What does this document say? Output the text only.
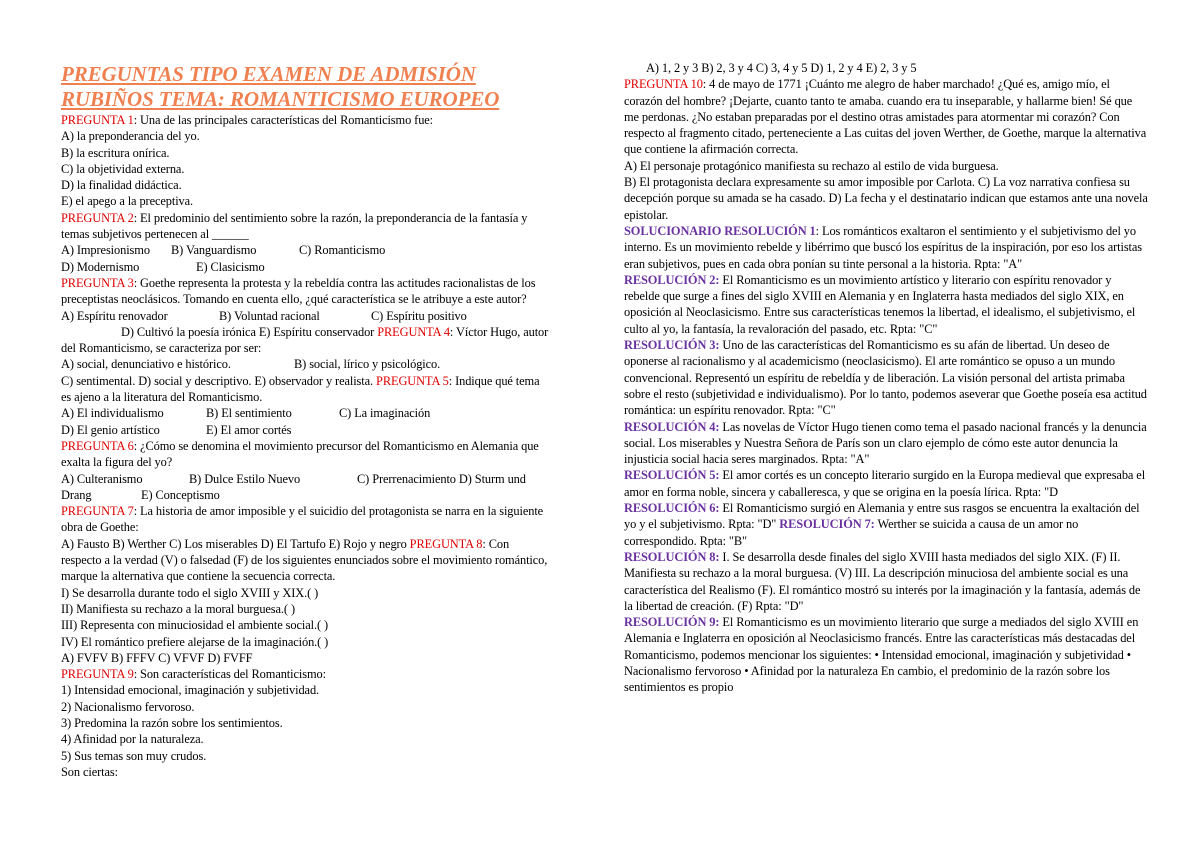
PREGUNTAS TIPO EXAMEN DE ADMISIÓN
RUBIÑOS TEMA: ROMANTICISMO EUROPEO

PREGUNTA 1: Una de las principales características del Romanticismo fue:

A) la preponderancia del yo.
B) la escritura onírica.
C) la objetividad externa.
D) la finalidad didáctica.
E) el apego a la preceptiva.

PREGUNTA 2: El predominio del sentimiento sobre la razón, la preponderancia de la fantasía y temas subjetivos pertenecen al ______

A) Impresionismo B) Vanguardismo	C) Romanticismo
D) Modernismo	E) Clasicismo

PREGUNTA 3: Goethe representa la protesta y la rebeldía contra las actitudes racionalistas de los preceptistas neoclásicos. Tomando en cuenta ello, ¿qué característica se le atribuye a este autor?

A) Espíritu renovador	B) Voluntad racional	C) Espíritu positivo

D) Cultivó la poesía irónica E) Espíritu conservador PREGUNTA 4: Víctor Hugo, autor del Romanticismo, se caracteriza por ser:

A) social, denunciativo e histórico.	B) social, lírico y psicológico.

C) sentimental. D) social y descriptivo. E) observador y realista. PREGUNTA 5: Indique qué tema es ajeno a la literatura del Romanticismo.

A) El individualismo	B) El sentimiento	C) La imaginación
D) El genio artístico	E) El amor cortés

PREGUNTA 6: ¿Cómo se denomina el movimiento precursor del Romanticismo en Alemania que exalta la figura del yo?

A) Culteranismo	B) Dulce Estilo Nuevo	C) Prerrenacimiento D) Sturm und
Drang	E) Conceptismo

PREGUNTA 7: La historia de amor imposible y el suicidio del protagonista se narra en la siguiente obra de Goethe:

A) Fausto B) Werther C) Los miserables D) El Tartufo E) Rojo y negro PREGUNTA 8: Con respecto a la verdad (V) o falsedad (F) de los siguientes enunciados sobre el movimiento romántico, marque la alternativa que contiene la secuencia correcta.

I) Se desarrolla durante todo el siglo XVIII y XIX.( )
II) Manifiesta su rechazo a la moral burguesa.( )
III) Representa con minuciosidad el ambiente social.( )
IV) El romántico prefiere alejarse de la imaginación.( )
A) FVFV B) FFFV C) VFVF D) FVFF

PREGUNTA 9: Son características del Romanticismo:

1) Intensidad emocional, imaginación y subjetividad.
2) Nacionalismo fervoroso.
3) Predomina la razón sobre los sentimientos.
4) Afinidad por la naturaleza.
5) Sus temas son muy crudos.
Son ciertas:
A) 1, 2 y 3 B) 2, 3 y 4 C) 3, 4 y 5 D) 1, 2 y 4 E) 2, 3 y 5

PREGUNTA 10: 4 de mayo de 1771 ¡Cuánto me alegro de haber marchado! ¿Qué es, amigo mío, el corazón del hombre? ¡Dejarte, cuanto tanto te amaba. cuando era tu inseparable, y hallarme bien! Sé que me perdonas. ¿No estaban preparadas por el destino otras amistades para atormentar mi corazón? Con respecto al fragmento citado, perteneciente a Las cuitas del joven Werther, de Goethe, marque la alternativa que contiene la afirmación correcta.

A) El personaje protagónico manifiesta su rechazo al estilo de vida burguesa.

B) El protagonista declara expresamente su amor imposible por Carlota. C) La voz narrativa confiesa su decepción porque su amada se ha casado. D) La fecha y el destinatario indican que estamos ante una novela epistolar.

SOLUCIONARIO RESOLUCIÓN 1: Los románticos exaltaron el sentimiento y el subjetivismo del yo interno. Es un movimiento rebelde y libérrimo que buscó los espíritus de la inspiración, por eso los artistas eran subjetivos, pues en cada obra ponían su tinte personal a la historia. Rpta: "A"

RESOLUCIÓN 2: El Romanticismo es un movimiento artístico y literario con espíritu renovador y rebelde que surge a fines del siglo XVIII en Alemania y en Inglaterra hasta mediados del siglo XIX, en oposición al Neoclasicismo. Entre sus características tenemos la libertad, el idealismo, el subjetivismo, el culto al yo, la fantasía, la revaloración del pasado, etc. Rpta: "C"

RESOLUCIÓN 3: Uno de las características del Romanticismo es su afán de libertad. Un deseo de oponerse al racionalismo y al academicismo (neoclasicismo). El arte romántico se opuso a un mundo convencional. Representó un espíritu de rebeldía y de liberación. La visión personal del artista primaba sobre el resto (subjetividad e individualismo). Por lo tanto, podemos aseverar que Goethe poseía esa actitud romántica: un espíritu renovador. Rpta: "C"

RESOLUCIÓN 4: Las novelas de Víctor Hugo tienen como tema el pasado nacional francés y la denuncia social. Los miserables y Nuestra Señora de París son un claro ejemplo de cómo este autor denuncia la injusticia social hacia seres marginados. Rpta: "A"

RESOLUCIÓN 5: El amor cortés es un concepto literario surgido en la Europa medieval que expresaba el amor en forma noble, sincera y caballeresca, y que se origina en la poesía lírica. Rpta: "D

RESOLUCIÓN 6: El Romanticismo surgió en Alemania y entre sus rasgos se encuentra la exaltación del yo y el subjetivismo. Rpta: "D" RESOLUCIÓN 7: Werther se suicida a causa de un amor no correspondido. Rpta: "B"

RESOLUCIÓN 8: I. Se desarrolla desde finales del siglo XVIII hasta mediados del siglo XIX. (F) II. Manifiesta su rechazo a la moral burguesa. (V) III. La descripción minuciosa del ambiente social es una característica del Realismo (F). El romántico mostró su interés por la imaginación y la fantasía, además de la libertad de creación. (F) Rpta: "D"

RESOLUCIÓN 9: El Romanticismo es un movimiento literario que surge a mediados del siglo XVIII en Alemania e Inglaterra en oposición al Neoclasicismo francés. Entre las características más destacadas del Romanticismo, podemos mencionar los siguientes: • Intensidad emocional, imaginación y subjetividad • Nacionalismo fervoroso • Afinidad por la naturaleza En cambio, el predominio de la razón sobre los sentimientos es propio
